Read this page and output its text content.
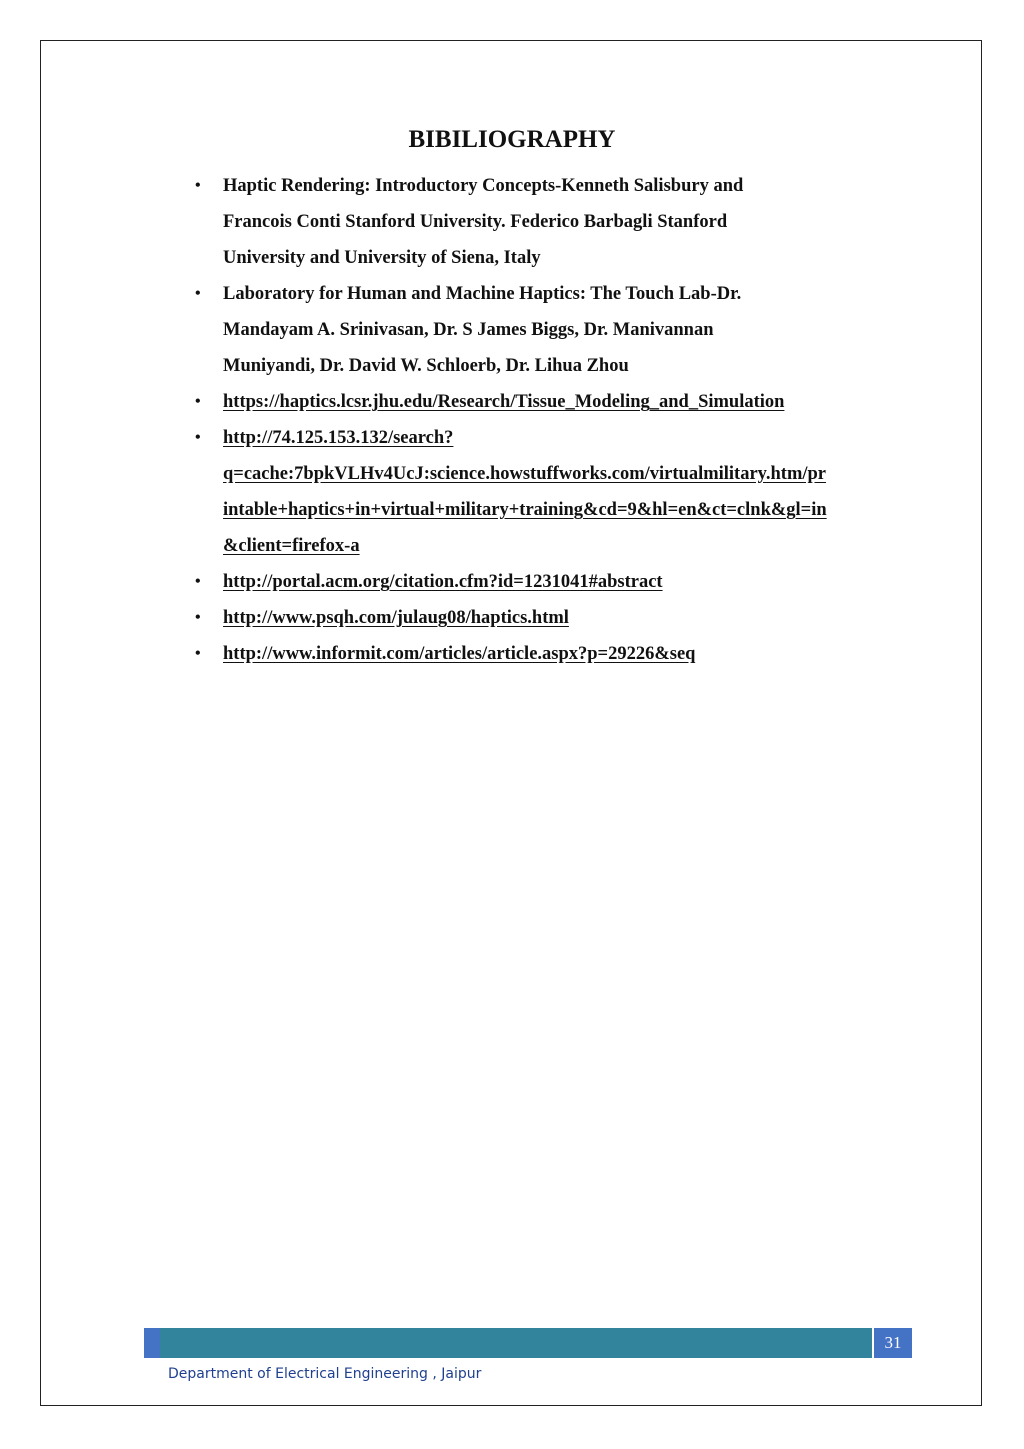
BIBILIOGRAPHY
• Haptic Rendering: Introductory Concepts-Kenneth Salisbury and
Francois Conti Stanford University. Federico Barbagli Stanford
University and University of Siena, Italy
• Laboratory for Human and Machine Haptics: The Touch Lab-Dr.
Mandayam A. Srinivasan, Dr. S James Biggs, Dr. Manivannan
Muniyandi, Dr. David W. Schloerb, Dr. Lihua Zhou
• https://haptics.lcsr.jhu.edu/Research/Tissue_Modeling_and_Simulation
• http://74.125.153.132/search?
q=cache:7bpkVLHv4UcJ:science.howstuffworks.com/virtualmilitary.htm/pr
intable+haptics+in+virtual+military+training&cd=9&hl=en&ct=clnk&gl=in
&client=firefox-a
• http://portal.acm.org/citation.cfm?id=1231041#abstract
• http://www.psqh.com/julaug08/haptics.html
• http://www.informit.com/articles/article.aspx?p=29226&seq
31
Department of Electrical Engineering , Jaipur
